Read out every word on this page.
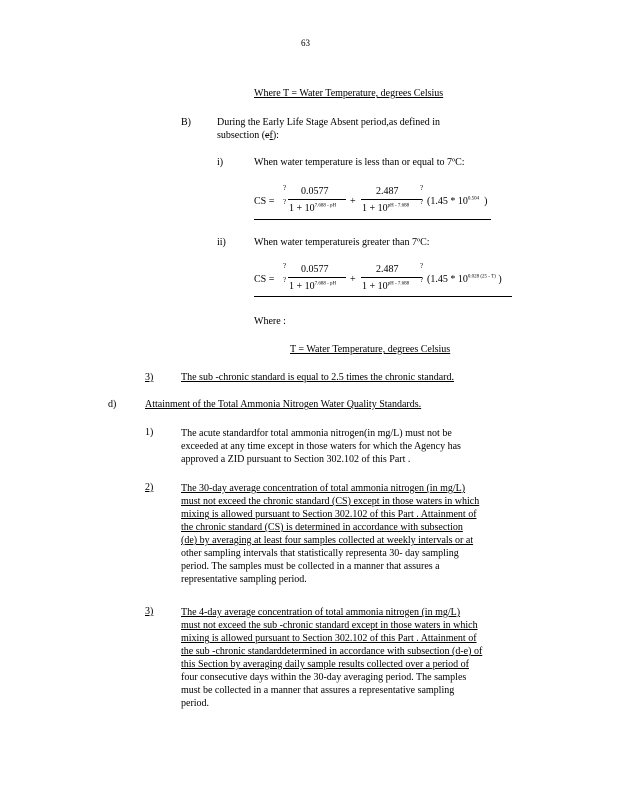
63
Where T = Water Temperature, degrees Celsius
B)	During the Early Life Stage Absent period,as defined in
subsection (ef):
i)	When water temperature is less than or equal to 7ºC:
CS =
?

?
0.0577
$1 + 10^{7.688 - pH}$ +
2.487
$1 + 10^{pH - 7.688}$
?

? ($1.45 * 10^{0.504}$ )
ii)	When water temperatureis greater than 7ºC:
CS =
?

?
0.0577
$1 + 10^{7.688 - pH}$ +
2.487
$1 + 10^{pH - 7.688}$
?

? ($1.45 * 10^{0.028 (25 - T)}$ )
Where :
T = Water Temperature, degrees Celsius
3)	The sub -chronic standard is equal to 2.5 times the chronic standard.
d)	Attainment of the Total Ammonia Nitrogen Water Quality Standards.
1)	The acute standardfor total ammonia nitrogen(in mg/L) must not be
exceeded at any time except in those waters for which the Agency has
approved a ZID pursuant to Section 302.102 of this Part .
2)	The 30-day average concentration of total ammonia nitrogen (in mg/L)
must not exceed the chronic standard (CS) except in those waters in which
mixing is allowed pursuant to Section 302.102 of this Part . Attainment of
the chronic standard (CS) is determined in accordance with subsection
(de) by averaging at least four samples collected at weekly intervals or at
other sampling intervals that statistically representa 30- day sampling
period. The samples must be collected in a manner that assures a
representative sampling period.
3)	The 4-day average concentration of total ammonia nitrogen (in mg/L)
must not exceed the sub -chronic standard except in those waters in which
mixing is allowed pursuant to Section 302.102 of this Part . Attainment of
the sub -chronic standarddetermined in accordance with subsection (d-e) of
this Section by averaging daily sample results collected over a period of
four consecutive days within the 30-day averaging period. The samples
must be collected in a manner that assures a representative sampling
period.
